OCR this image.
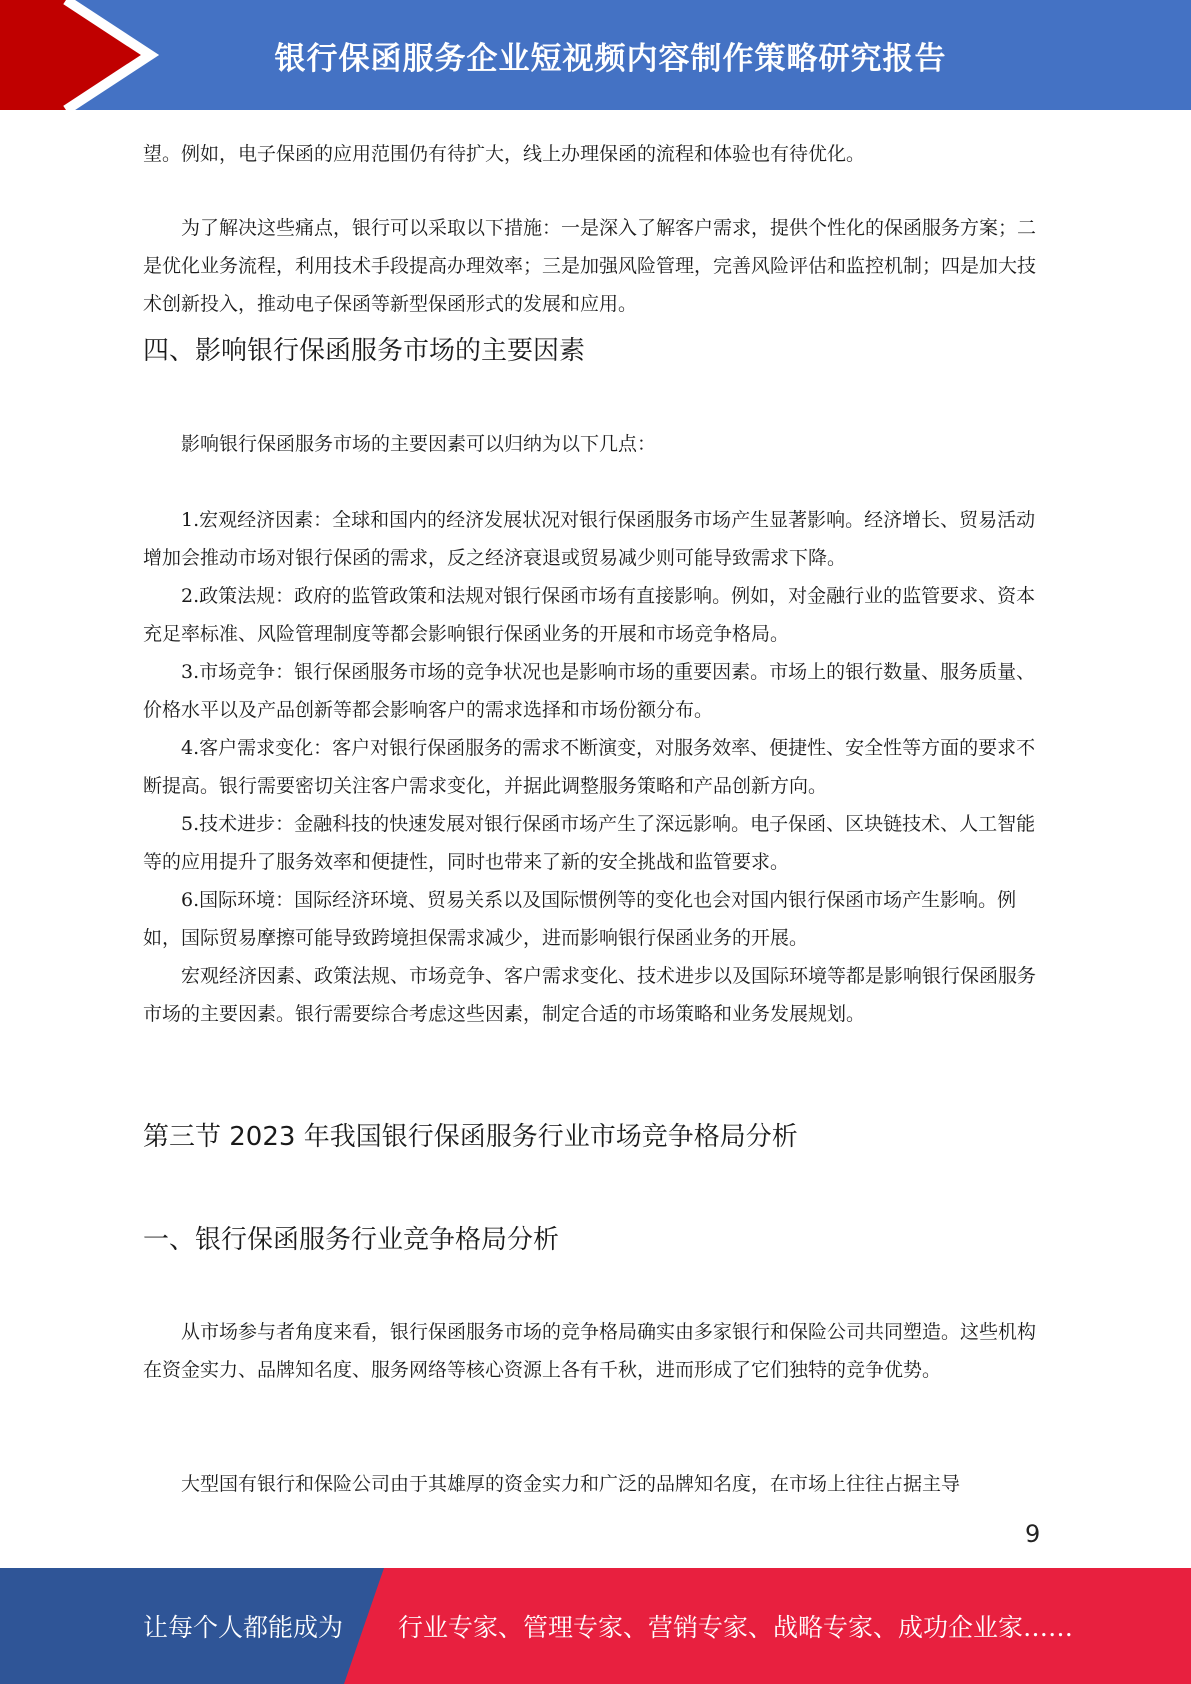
银行保函服务企业短视频内容制作策略研究报告

望。例如，电子保函的应用范围仍有待扩大，线上办理保函的流程和体验也有待优化。

为了解决这些痛点，银行可以采取以下措施：一是深入了解客户需求，提供个性化的保函服务方案；二是优化业务流程，利用技术手段提高办理效率；三是加强风险管理，完善风险评估和监控机制；四是加大技术创新投入，推动电子保函等新型保函形式的发展和应用。

四、影响银行保函服务市场的主要因素

影响银行保函服务市场的主要因素可以归纳为以下几点：

1.宏观经济因素：全球和国内的经济发展状况对银行保函服务市场产生显著影响。经济增长、贸易活动增加会推动市场对银行保函的需求，反之经济衰退或贸易减少则可能导致需求下降。

2.政策法规：政府的监管政策和法规对银行保函市场有直接影响。例如，对金融行业的监管要求、资本充足率标准、风险管理制度等都会影响银行保函业务的开展和市场竞争格局。

3.市场竞争：银行保函服务市场的竞争状况也是影响市场的重要因素。市场上的银行数量、服务质量、价格水平以及产品创新等都会影响客户的需求选择和市场份额分布。

4.客户需求变化：客户对银行保函服务的需求不断演变，对服务效率、便捷性、安全性等方面的要求不断提高。银行需要密切关注客户需求变化，并据此调整服务策略和产品创新方向。

5.技术进步：金融科技的快速发展对银行保函市场产生了深远影响。电子保函、区块链技术、人工智能等的应用提升了服务效率和便捷性，同时也带来了新的安全挑战和监管要求。

6.国际环境：国际经济环境、贸易关系以及国际惯例等的变化也会对国内银行保函市场产生影响。例如，国际贸易摩擦可能导致跨境担保需求减少，进而影响银行保函业务的开展。

宏观经济因素、政策法规、市场竞争、客户需求变化、技术进步以及国际环境等都是影响银行保函服务市场的主要因素。银行需要综合考虑这些因素，制定合适的市场策略和业务发展规划。

第三节 2023 年我国银行保函服务行业市场竞争格局分析
一、银行保函服务行业竞争格局分析

从市场参与者角度来看，银行保函服务市场的竞争格局确实由多家银行和保险公司共同塑造。这些机构在资金实力、品牌知名度、服务网络等核心资源上各有千秋，进而形成了它们独特的竞争优势。

大型国有银行和保险公司由于其雄厚的资金实力和广泛的品牌知名度，在市场上往往占据主导

9
让每个人都能成为 行业专家、管理专家、营销专家、战略专家、成功企业家……
